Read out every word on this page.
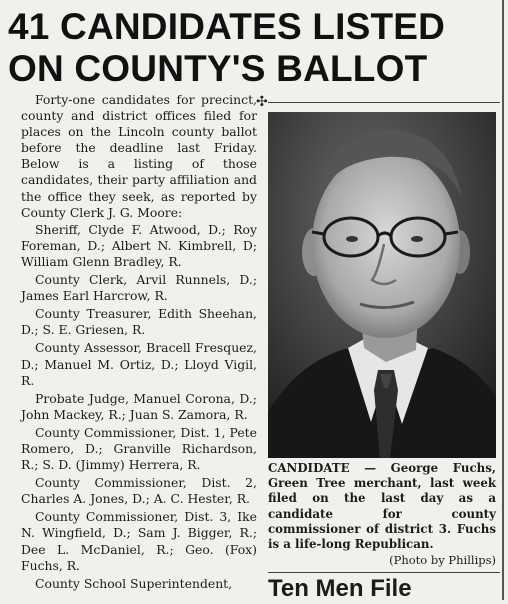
41 CANDIDATES LISTED
ON COUNTY'S BALLOT

Forty-one candidates for precinct, county and district offices filed for places on the Lincoln county ballot before the deadline last Friday. Below is a listing of those candidates, their party affiliation and the office they seek, as reported by County Clerk J. G. Moore:

Sheriff, Clyde F. Atwood, D.; Roy Foreman, D.; Albert N. Kimbrell, D; William Glenn Bradley, R.

County Clerk, Arvil Runnels, D.; James Earl Harcrow, R.

County Treasurer, Edith Sheehan, D.; S. E. Griesen, R.

County Assessor, Bracell Fresquez, D.; Manuel M. Ortiz, D.; Lloyd Vigil, R.

Probate Judge, Manuel Corona, D.; John Mackey, R.; Juan S. Zamora, R.

County Commissioner, Dist. 1, Pete Romero, D.; Granville Richardson, R.; S. D. (Jimmy) Herrera, R.

County Commissioner, Dist. 2, Charles A. Jones, D.; A. C. Hester, R.

County Commissioner, Dist. 3, Ike N. Wingfield, D.; Sam J. Bigger, R.; Dee L. McDaniel, R.; Geo. (Fox) Fuchs, R.

County School Superintendent,

✣
CANDIDATE — George Fuchs, Green Tree merchant, last week filed on the last day as a candidate for county commissioner of district 3. Fuchs is a life-long Republican.
(Photo by Phillips)
Ten Men File
